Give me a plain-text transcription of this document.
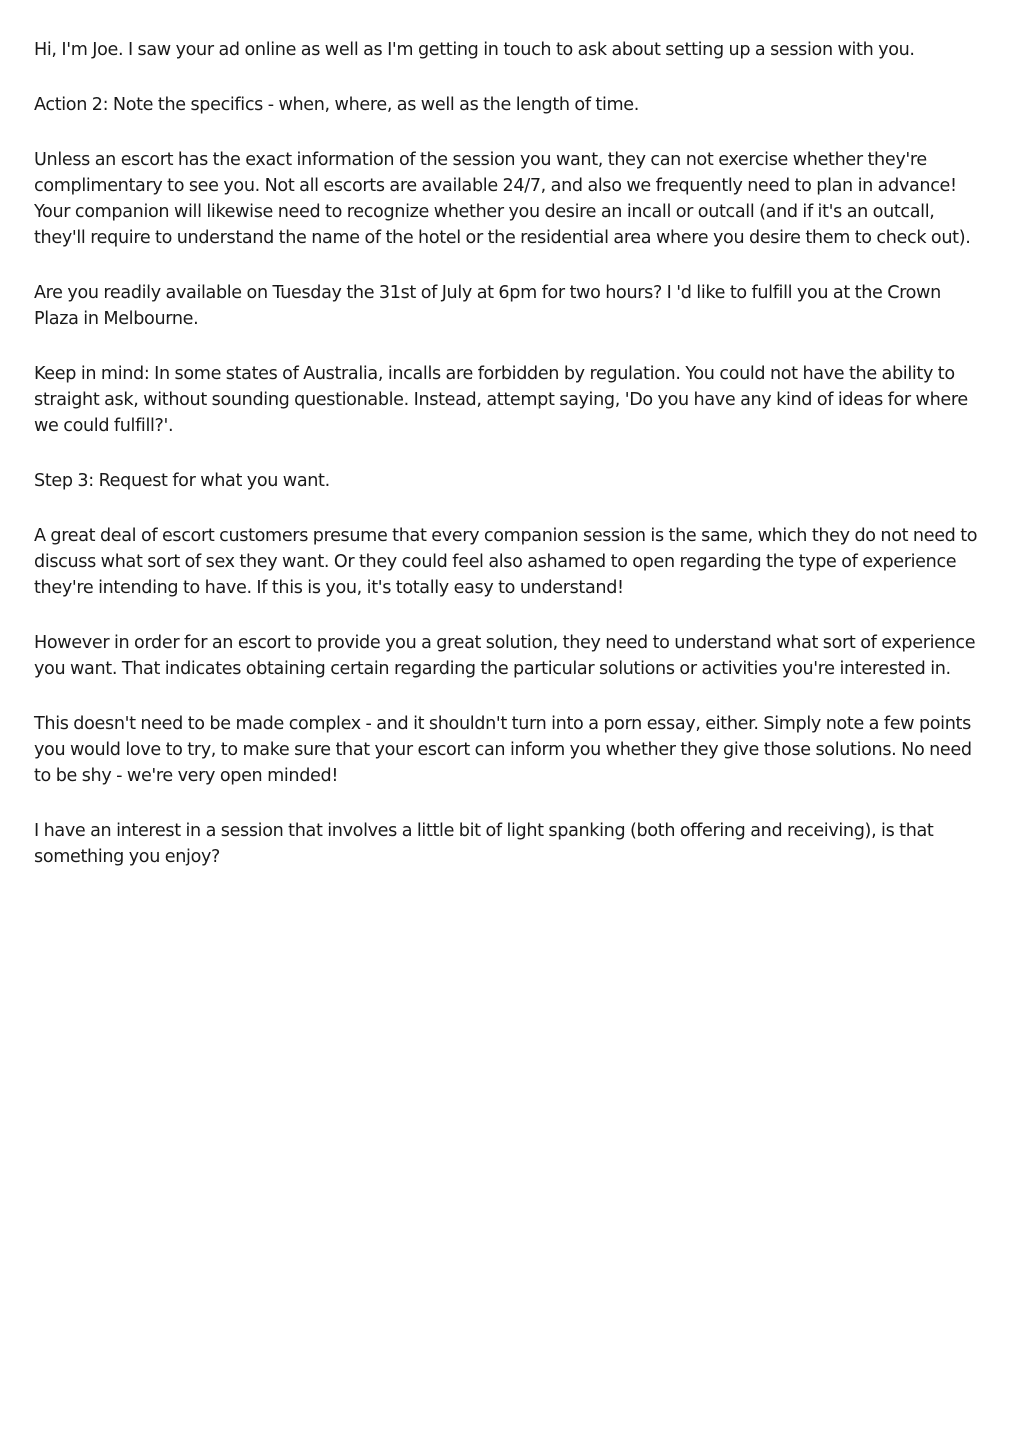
Hi, I'm Joe. I saw your ad online as well as I'm getting in touch to ask about setting up a session with you.

Action 2: Note the specifics - when, where, as well as the length of time.

Unless an escort has the exact information of the session you want, they can not exercise whether they're complimentary to see you. Not all escorts are available 24/7, and also we frequently need to plan in advance! Your companion will likewise need to recognize whether you desire an incall or outcall (and if it's an outcall, they'll require to understand the name of the hotel or the residential area where you desire them to check out).

Are you readily available on Tuesday the 31st of July at 6pm for two hours? I 'd like to fulfill you at the Crown Plaza in Melbourne.

Keep in mind: In some states of Australia, incalls are forbidden by regulation. You could not have the ability to straight ask, without sounding questionable. Instead, attempt saying, 'Do you have any kind of ideas for where we could fulfill?'.

Step 3: Request for what you want.

A great deal of escort customers presume that every companion session is the same, which they do not need to discuss what sort of sex they want. Or they could feel also ashamed to open regarding the type of experience they're intending to have. If this is you, it's totally easy to understand!

However in order for an escort to provide you a great solution, they need to understand what sort of experience you want. That indicates obtaining certain regarding the particular solutions or activities you're interested in.

This doesn't need to be made complex - and it shouldn't turn into a porn essay, either. Simply note a few points you would love to try, to make sure that your escort can inform you whether they give those solutions. No need to be shy - we're very open minded!

I have an interest in a session that involves a little bit of light spanking (both offering and receiving), is that something you enjoy?
